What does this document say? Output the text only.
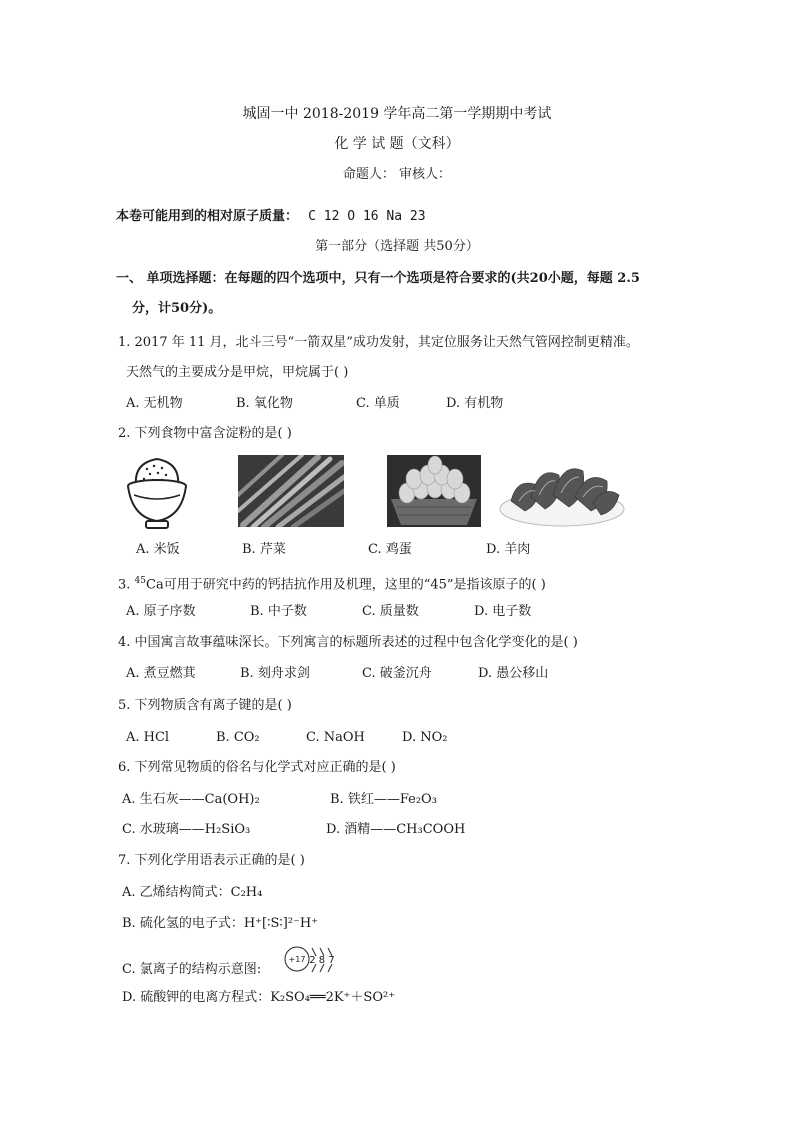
城固一中 2018-2019 学年高二第一学期期中考试
化 学 试 题（文科）
命题人： 审核人：
本卷可能用到的相对原子质量： C 12 O 16 Na 23
第一部分（选择题 共50分）
一、 单项选择题：在每题的四个选项中，只有一个选项是符合要求的(共20小题，每题 2.5
分，计50分)。
1. 2017 年 11 月，北斗三号“一箭双星”成功发射，其定位服务让天然气管网控制更精准。
天然气的主要成分是甲烷，甲烷属于( )
A. 无机物	B. 氧化物	C. 单质	D. 有机物
2. 下列食物中富含淀粉的是( )
A. 米饭	B. 芹菜	C. 鸡蛋	D. 羊肉
3. $^{45}$Ca可用于研究中药的钙拮抗作用及机理，这里的“45”是指该原子的( )
A. 原子序数	B. 中子数	C. 质量数	D. 电子数
4. 中国寓言故事蕴味深长。下列寓言的标题所表述的过程中包含化学变化的是( )
A. 煮豆燃萁	B. 刻舟求剑	C. 破釜沉舟	D. 愚公移山
5. 下列物质含有离子键的是( )
A. HCl	B. CO₂	C. NaOH	D. NO₂
6. 下列常见物质的俗名与化学式对应正确的是( )
A. 生石灰——Ca(OH)₂	B. 铁红——Fe₂O₃
C. 水玻璃——H₂SiO₃	D. 酒精——CH₃COOH
7. 下列化学用语表示正确的是( )
A. 乙烯结构简式：C₂H₄
B. 硫化氢的电子式：H⁺[∶S∶]²⁻H⁺
C. 氯离子的结构示意图:
+17 2 8 7
D. 硫酸钾的电离方程式：K₂SO₄══2K⁺＋SO²⁺
